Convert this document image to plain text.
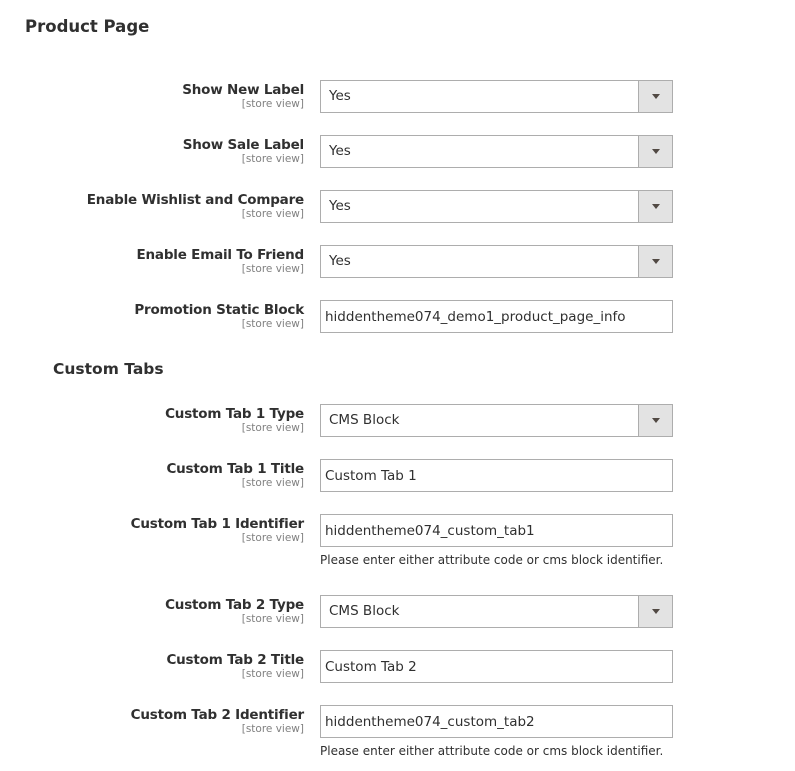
Product Page
Show New Label
[store view] Yes
Show Sale Label
[store view] Yes
Enable Wishlist and Compare
[store view] Yes
Enable Email To Friend
[store view] Yes
Promotion Static Block
[store view]
hiddentheme074_demo1_product_page_info
Custom Tabs
Custom Tab 1 Type
[store view] CMS Block
Custom Tab 1 Title
[store view]
Custom Tab 1
Custom Tab 1 Identifier
[store view]
hiddentheme074_custom_tab1
Please enter either attribute code or cms block identifier.
Custom Tab 2 Type
[store view] CMS Block
Custom Tab 2 Title
[store view]
Custom Tab 2
Custom Tab 2 Identifier
[store view]
hiddentheme074_custom_tab2
Please enter either attribute code or cms block identifier.
